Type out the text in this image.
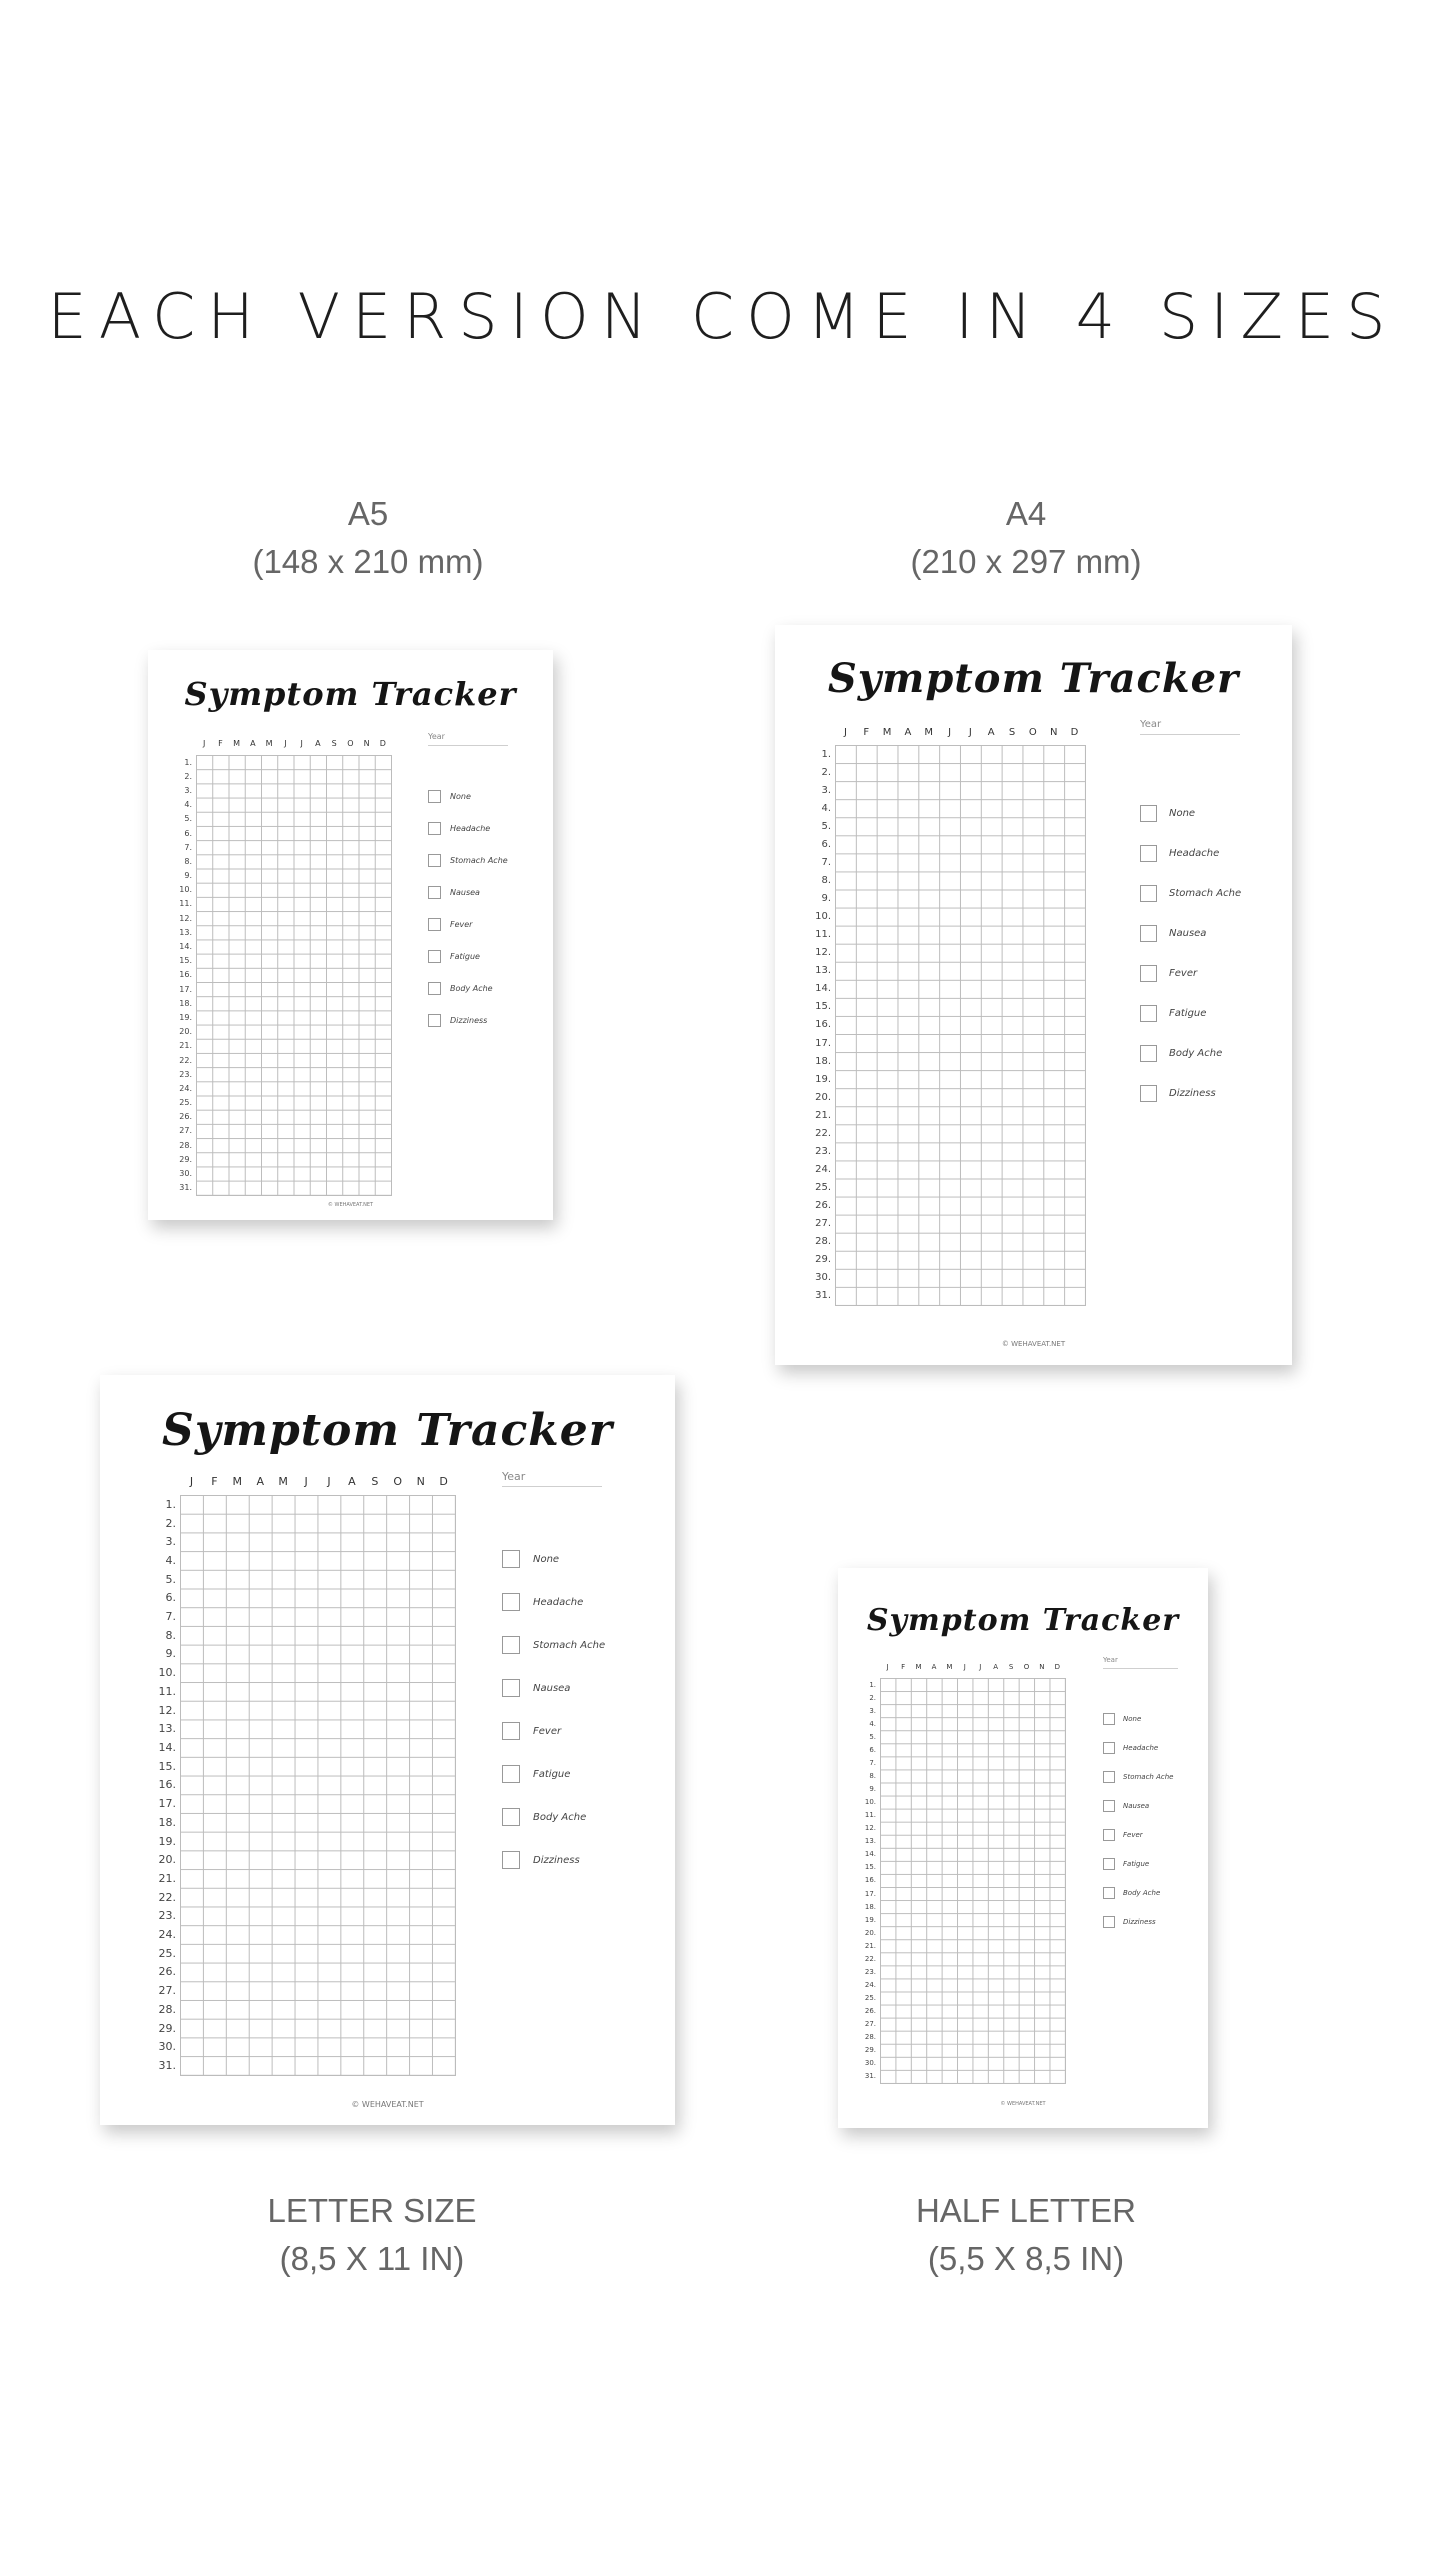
EACH VERSION COME IN 4 SIZES
A5
(148 x 210 mm)
A4
(210 x 297 mm)
LETTER SIZE
(8,5 X 11 IN)
HALF LETTER
(5,5 X 8,5 IN)
Symptom Tracker
J	F	M	A	M	J	J	A	S	O	N	D
1.
2.
3.
4.
5.
6.
7.
8.
9.
10.
11.
12.
13.
14.
15.
16.
17.
18.
19.
20.
21.
22.
23.
24.
25.
26.
27.
28.
29.
30.
31.
Year
None
Headache
Stomach Ache
Nausea
Fever
Fatigue
Body Ache
Dizziness
© WEHAVEAT.NET
Symptom Tracker
J	F	M	A	M	J	J	A	S	O	N	D
1.
2.
3.
4.
5.
6.
7.
8.
9.
10.
11.
12.
13.
14.
15.
16.
17.
18.
19.
20.
21.
22.
23.
24.
25.
26.
27.
28.
29.
30.
31.
Year
None
Headache
Stomach Ache
Nausea
Fever
Fatigue
Body Ache
Dizziness
© WEHAVEAT.NET
Symptom Tracker
J	F	M	A	M	J	J	A	S	O	N	D
1.
2.
3.
4.
5.
6.
7.
8.
9.
10.
11.
12.
13.
14.
15.
16.
17.
18.
19.
20.
21.
22.
23.
24.
25.
26.
27.
28.
29.
30.
31.
Year
None
Headache
Stomach Ache
Nausea
Fever
Fatigue
Body Ache
Dizziness
© WEHAVEAT.NET
Symptom Tracker
J	F	M	A	M	J	J	A	S	O	N	D
1.
2.
3.
4.
5.
6.
7.
8.
9.
10.
11.
12.
13.
14.
15.
16.
17.
18.
19.
20.
21.
22.
23.
24.
25.
26.
27.
28.
29.
30.
31.
Year
None
Headache
Stomach Ache
Nausea
Fever
Fatigue
Body Ache
Dizziness
© WEHAVEAT.NET
